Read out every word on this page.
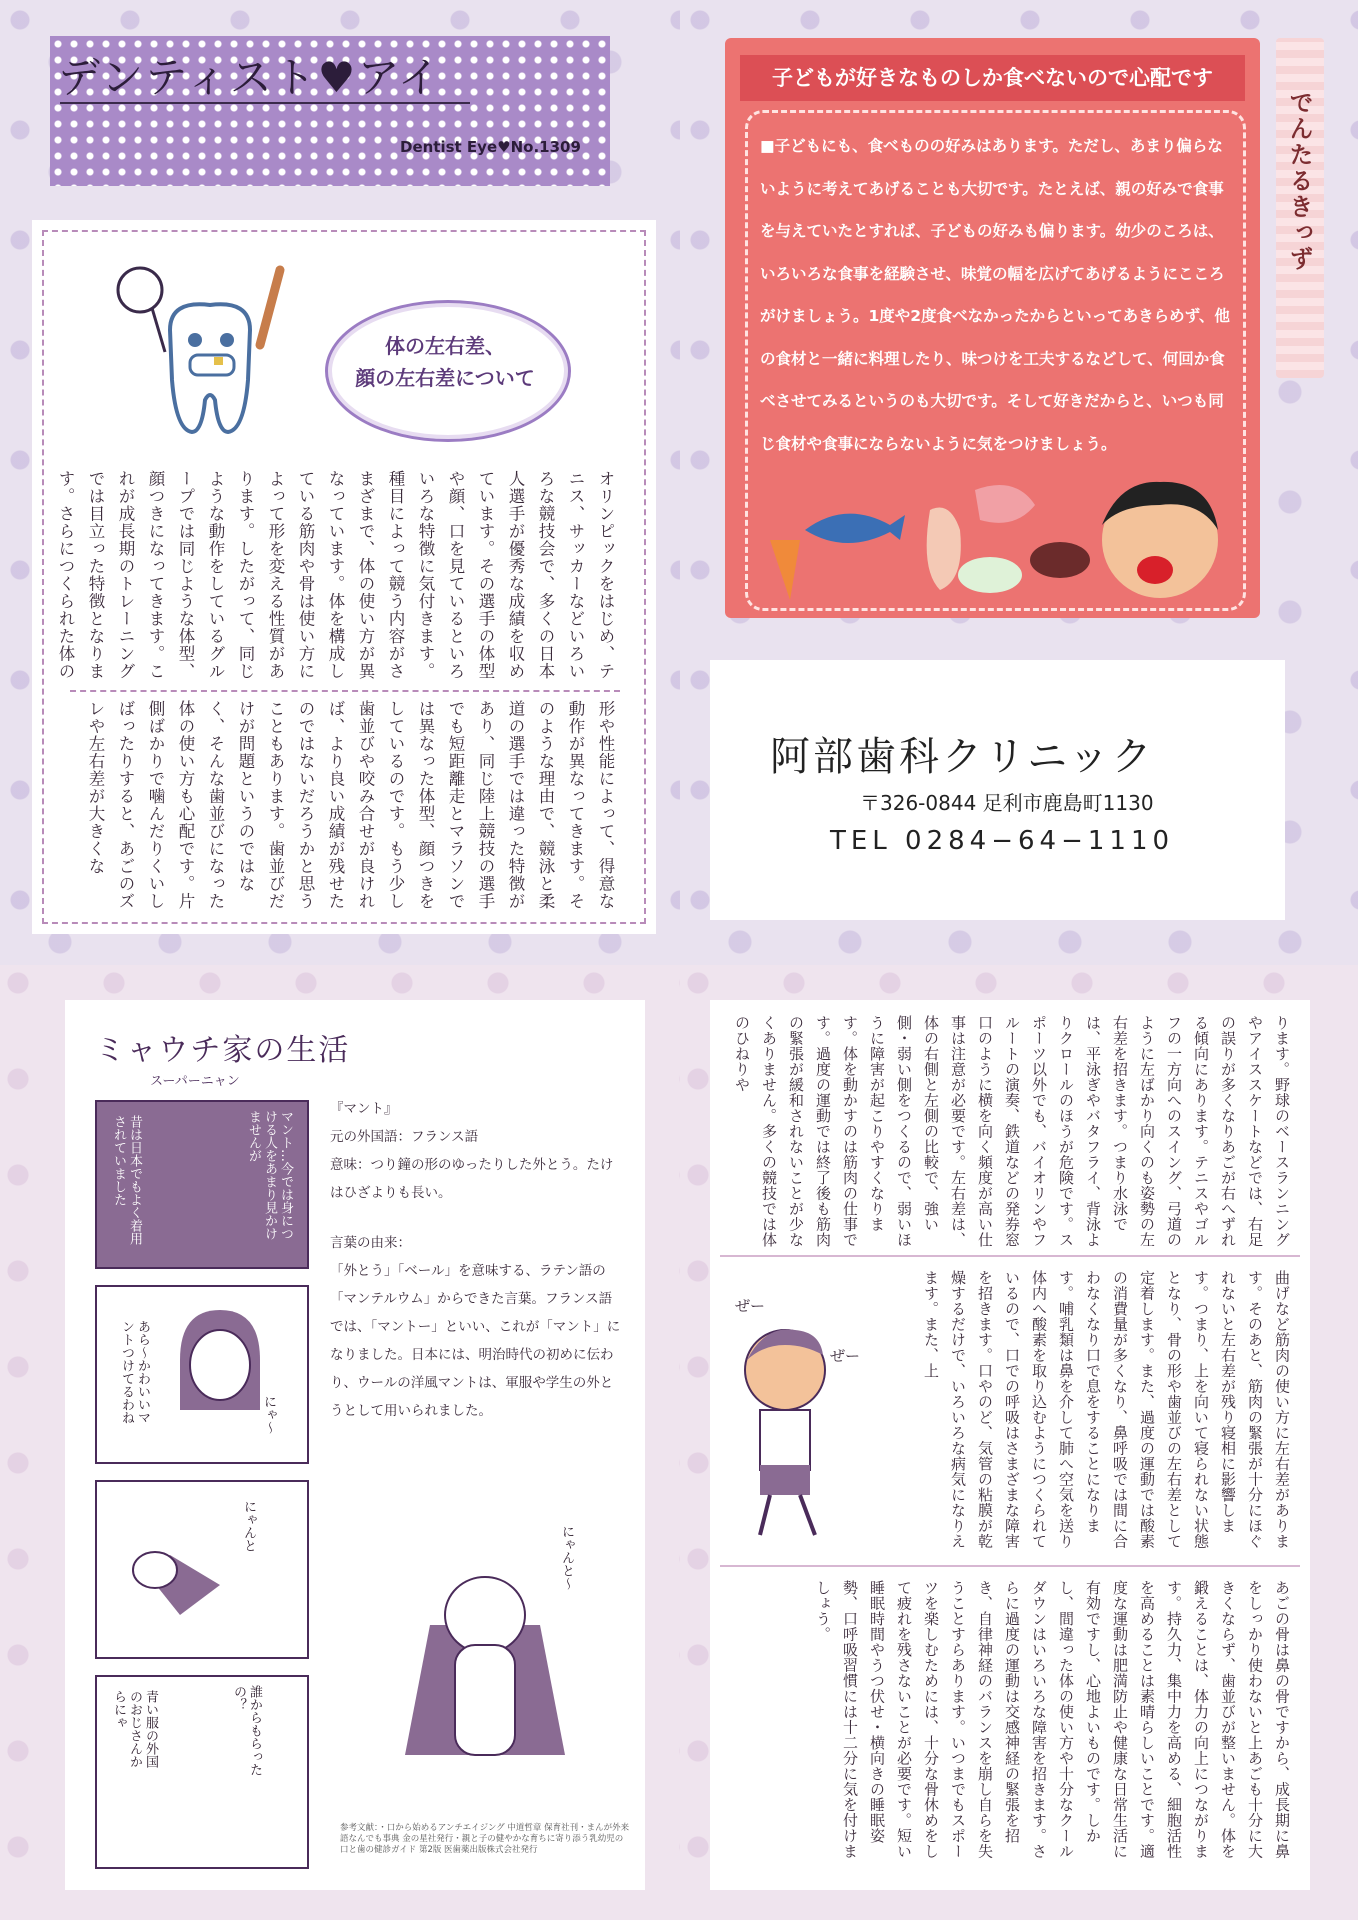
デンティスト♥アイ
Dentist Eye♥No.1309
体の左右差、
顔の左右差について
オリンピックをはじめ、テニス、サッカーなどいろいろな競技会で、多くの日本人選手が優秀な成績を収めています。その選手の体型や顔、口を見ているといろいろな特徴に気付きます。種目によって競う内容がさまざまで、体の使い方が異なっています。体を構成している筋肉や骨は使い方によって形を変える性質があります。したがって、同じような動作をしているグループでは同じような体型、顔つきになってきます。これが成長期のトレーニングでは目立った特徴となります。さらにつくられた体の
形や性能によって、得意な動作が異なってきます。そのような理由で、競泳と柔道の選手では違った特徴があり、同じ陸上競技の選手でも短距離走とマラソンでは異なった体型、顔つきをしているのです。もう少し歯並びや咬み合せが良ければ、より良い成績が残せたのではないだろうかと思うこともあります。歯並びだけが問題というのではなく、そんな歯並びになった体の使い方も心配です。片側ばかりで噛んだりくいしばったりすると、あごのズレや左右差が大きくな
子どもが好きなものしか食べないので心配です
■子どもにも、食べものの好みはあります。ただし、あまり偏らないように考えてあげることも大切です。たとえば、親の好みで食事を与えていたとすれば、子どもの好みも偏ります。幼少のころは、いろいろな食事を経験させ、味覚の幅を広げてあげるようにこころがけましょう。1度や2度食べなかったからといってあきらめず、他の食材と一緒に料理したり、味つけを工夫するなどして、何回か食べさせてみるというのも大切です。そして好きだからと、いつも同じ食材や食事にならないように気をつけましょう。
でんたるきっず
阿部歯科クリニック
〒326-0844 足利市鹿島町1130
TEL 0284−64−1110
ミャウチ家の生活
スーパーニャン
マント…今では身につける人をあまり見かけませんが
昔は日本でもよく着用されていました
あら〜かわいいマントつけてるわね	にゃ〜
にゃんと
誰からもらったの？
青い服の外国のおじさんからにゃ
『マント』
元の外国語：フランス語
意味：つり鐘の形のゆったりした外とう。たけはひざよりも長い。
言葉の由来：
「外とう」「ベール」を意味する、ラテン語の「マンテルウム」からできた言葉。フランス語では、「マントー」といい、これが「マント」になりました。日本には、明治時代の初めに伝わり、ウールの洋風マントは、軍服や学生の外とうとして用いられました。
にゃんと〜
参考文献：・口から始めるアンチエイジング 中道哲章 保育社刊・まんが外来語なんでも事典 金の星社発行・親と子の健やかな育ちに寄り添う乳幼児の口と歯の健診ガイド 第2版 医歯薬出版株式会社発行
ります。野球のベースランニングやアイススケートなどでは、右足の誤りが多くなりあごが右へずれる傾向にあります。テニスやゴルフの一方向へのスイング、弓道のように左ばかり向くのも姿勢の左右差を招きます。つまり水泳では、平泳ぎやバタフライ、背泳よりクロールのほうが危険です。スポーツ以外でも、バイオリンやフルートの演奏、鉄道などの発券窓口のように横を向く頻度が高い仕事は注意が必要です。左右差は、体の右側と左側の比較で、強い側・弱い側をつくるので、弱いほうに障害が起こりやすくなります。体を動かすのは筋肉の仕事です。過度の運動では終了後も筋肉の緊張が緩和されないことが少なくありません。多くの競技では体のひねりや
ぜー
ぜー	曲げなど筋肉の使い方に左右差があります。そのあと、筋肉の緊張が十分にほぐれないと左右差が残り寝相に影響します。つまり、上を向いて寝られない状態となり、骨の形や歯並びの左右差として定着します。また、過度の運動では酸素の消費量が多くなり、鼻呼吸では間に合わなくなり口で息をすることになります。哺乳類は鼻を介して肺へ空気を送り体内へ酸素を取り込むようにつくられているので、口での呼吸はさまざまな障害を招きます。口やのど、気管の粘膜が乾燥するだけで、いろいろな病気になりえます。また、上
あごの骨は鼻の骨ですから、成長期に鼻をしっかり使わないと上あごも十分に大きくならず、歯並びが整いません。体を鍛えることは、体力の向上につながります。持久力、集中力を高める、細胞活性を高めることは素晴らしいことです。適度な運動は肥満防止や健康な日常生活に有効ですし、心地よいものです。しかし、間違った体の使い方や十分なクールダウンはいろいろな障害を招きます。さらに過度の運動は交感神経の緊張を招き、自律神経のバランスを崩し自らを失うことすらあります。いつまでもスポーツを楽しむためには、十分な骨休めをして疲れを残さないことが必要です。短い睡眠時間やうつ伏せ・横向きの睡眠姿勢、口呼吸習慣には十二分に気を付けましょう。
